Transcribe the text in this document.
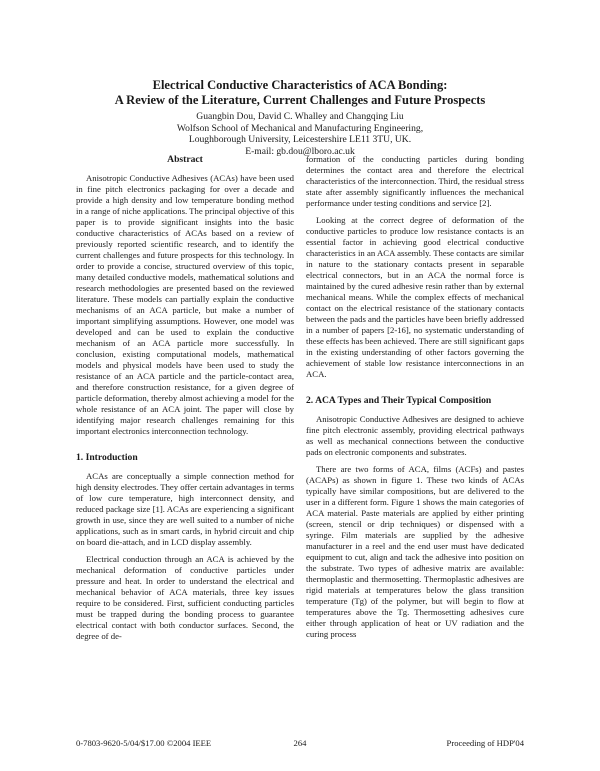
Electrical Conductive Characteristics of ACA Bonding:
A Review of the Literature, Current Challenges and Future Prospects
Guangbin Dou, David C. Whalley and Changqing Liu
Wolfson School of Mechanical and Manufacturing Engineering,
Loughborough University, Leicestershire LE11 3TU, UK.
E-mail: gb.dou@lboro.ac.uk
Abstract

Anisotropic Conductive Adhesives (ACAs) have been used in fine pitch electronics packaging for over a decade and provide a high density and low temperature bonding method in a range of niche applications. The principal objective of this paper is to provide significant insights into the basic conductive characteristics of ACAs based on a review of previously reported scientific research, and to identify the current challenges and future prospects for this technology. In order to provide a concise, structured overview of this topic, many detailed conductive models, mathematical solutions and research methodologies are presented based on the reviewed literature. These models can partially explain the conductive mechanisms of an ACA particle, but make a number of important simplifying assumptions. However, one model was developed and can be used to explain the conductive mechanism of an ACA particle more successfully. In conclusion, existing computational models, mathematical models and physical models have been used to study the resistance of an ACA particle and the particle-contact area, and therefore construction resistance, for a given degree of particle deformation, thereby almost achieving a model for the whole resistance of an ACA joint. The paper will close by identifying major research challenges remaining for this important electronics interconnection technology.

1. Introduction

ACAs are conceptually a simple connection method for high density electrodes. They offer certain advantages in terms of low cure temperature, high interconnect density, and reduced package size [1]. ACAs are experiencing a significant growth in use, since they are well suited to a number of niche applications, such as in smart cards, in hybrid circuit and chip on board die-attach, and in LCD display assembly.

Electrical conduction through an ACA is achieved by the mechanical deformation of conductive particles under pressure and heat. In order to understand the electrical and mechanical behavior of ACA materials, three key issues require to be considered. First, sufficient conducting particles must be trapped during the bonding process to guarantee electrical contact with both conductor surfaces. Second, the degree of de-

formation of the conducting particles during bonding determines the contact area and therefore the electrical characteristics of the interconnection. Third, the residual stress state after assembly significantly influences the mechanical performance under testing conditions and service [2].

Looking at the correct degree of deformation of the conductive particles to produce low resistance contacts is an essential factor in achieving good electrical conductive characteristics in an ACA assembly. These contacts are similar in nature to the stationary contacts present in separable electrical connectors, but in an ACA the normal force is maintained by the cured adhesive resin rather than by external mechanical means. While the complex effects of mechanical contact on the electrical resistance of the stationary contacts between the pads and the particles have been briefly addressed in a number of papers [2-16], no systematic understanding of these effects has been achieved. There are still significant gaps in the existing understanding of other factors governing the achievement of stable low resistance interconnections in an ACA.

2. ACA Types and Their Typical Composition

Anisotropic Conductive Adhesives are designed to achieve fine pitch electronic assembly, providing electrical pathways as well as mechanical connections between the conductive pads on electronic components and substrates.

There are two forms of ACA, films (ACFs) and pastes (ACAPs) as shown in figure 1. These two kinds of ACAs typically have similar compositions, but are delivered to the user in a different form. Figure 1 shows the main categories of ACA material. Paste materials are applied by either printing (screen, stencil or drip techniques) or dispensed with a syringe. Film materials are supplied by the adhesive manufacturer in a reel and the end user must have dedicated equipment to cut, align and tack the adhesive into position on the substrate. Two types of adhesive matrix are available: thermoplastic and thermosetting. Thermoplastic adhesives are rigid materials at temperatures below the glass transition temperature (Tg) of the polymer, but will begin to flow at temperatures above the Tg. Thermosetting adhesives cure either through application of heat or UV radiation and the curing process

0-7803-9620-5/04/$17.00 ©2004 IEEE	264	Proceeding of HDP'04
